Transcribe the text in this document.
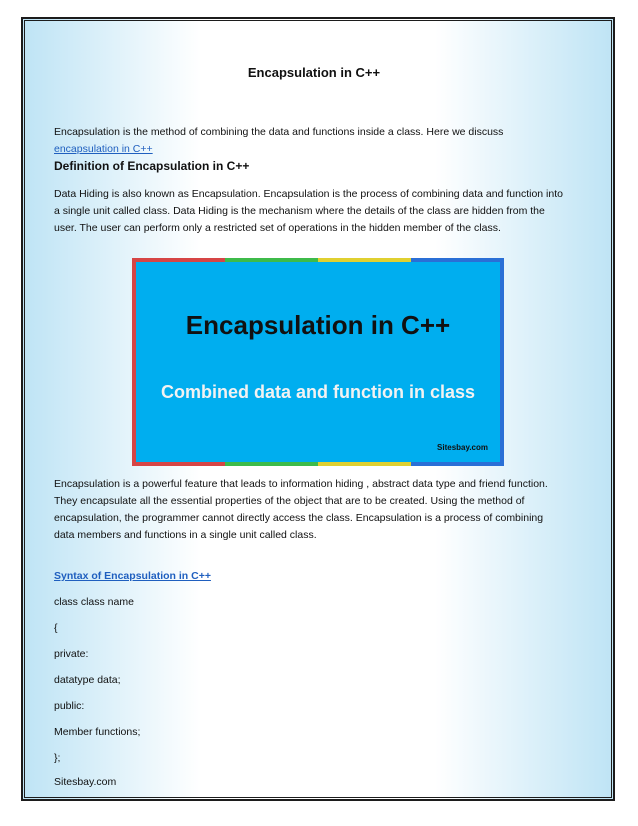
Encapsulation in C++

Encapsulation is the method of combining the data and functions inside a class. Here we discuss
encapsulation in C++

Definition of Encapsulation in C++

Data Hiding is also known as Encapsulation. Encapsulation is the process of combining data and function into a single unit called class. Data Hiding is the mechanism where the details of the class are hidden from the user. The user can perform only a restricted set of operations in the hidden member of the class.

Encapsulation is a powerful feature that leads to information hiding , abstract data type and friend function. They encapsulate all the essential properties of the object that are to be created. Using the method of encapsulation, the programmer cannot directly access the class. Encapsulation is a process of combining data members and functions in a single unit called class.

Syntax of Encapsulation in C++
class class name
{
private:
datatype data;
public:
Member functions;
};
Sitesbay.com
Encapsulation in C++
Combined data and function in class
Sitesbay.com
